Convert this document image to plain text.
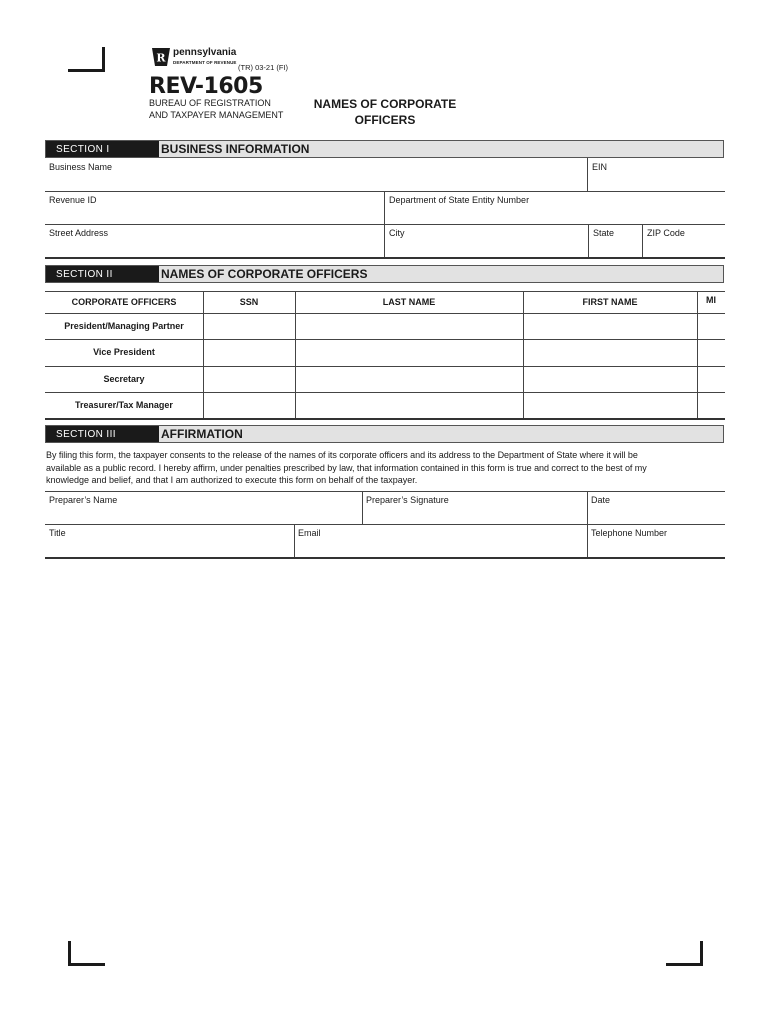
R pennsylvania
DEPARTMENT OF REVENUE
(TR) 03-21 (FI)
REV-1605
BUREAU OF REGISTRATION
AND TAXPAYER MANAGEMENT
NAMES OF CORPORATE
OFFICERS
SECTION I	BUSINESS INFORMATION
Business Name	EIN
Revenue ID	Department of State Entity Number
Street Address	City	State	ZIP Code
SECTION II	NAMES OF CORPORATE OFFICERS
CORPORATE OFFICERS	SSN	LAST NAME	FIRST NAME	MI
President/Managing Partner
Vice President
Secretary
Treasurer/Tax Manager
SECTION III	AFFIRMATION
By filing this form, the taxpayer consents to the release of the names of its corporate officers and its address to the Department of State where it will be
available as a public record. I hereby affirm, under penalties prescribed by law, that information contained in this form is true and correct to the best of my
knowledge and belief, and that I am authorized to execute this form on behalf of the taxpayer.
Preparer’s Name	Preparer’s Signature	Date
Title	Email	Telephone Number
